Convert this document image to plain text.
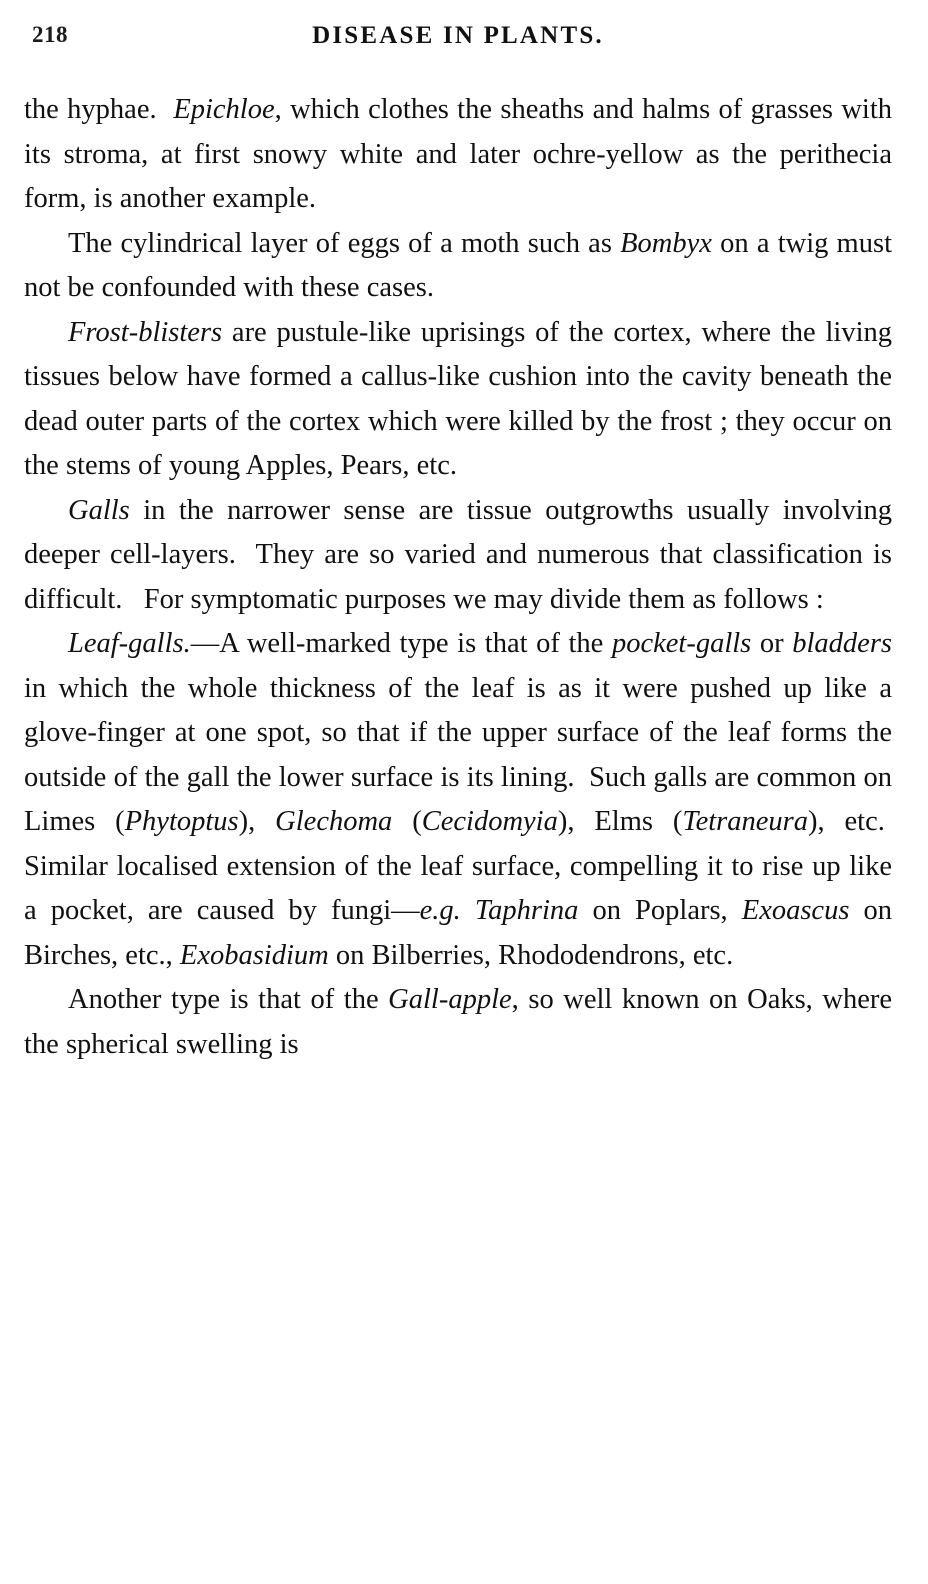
218	DISEASE IN PLANTS.

the hyphae.  Epichloe, which clothes the sheaths and halms of grasses with its stroma, at first snowy white and later ochre-yellow as the perithecia form, is another example.

The cylindrical layer of eggs of a moth such as Bombyx on a twig must not be confounded with these cases.

Frost-blisters are pustule-like uprisings of the cortex, where the living tissues below have formed a callus-like cushion into the cavity beneath the dead outer parts of the cortex which were killed by the frost ; they occur on the stems of young Apples, Pears, etc.

Galls in the narrower sense are tissue outgrowths usually involving deeper cell-layers.  They are so varied and numerous that classification is difficult.   For symptomatic purposes we may divide them as follows :

Leaf-galls.—A well-marked type is that of the pocket-galls or bladders in which the whole thickness of the leaf is as it were pushed up like a glove-finger at one spot, so that if the upper surface of the leaf forms the outside of the gall the lower surface is its lining.  Such galls are common on Limes (Phytoptus), Glechoma (Cecidomyia), Elms (Tetraneura), etc.  Similar localised extension of the leaf surface, compelling it to rise up like a pocket, are caused by fungi—e.g. Taphrina on Poplars, Exoascus on Birches, etc., Exobasidium on Bilberries, Rhododendrons, etc.

Another type is that of the Gall-apple, so well known on Oaks, where the spherical swelling is
